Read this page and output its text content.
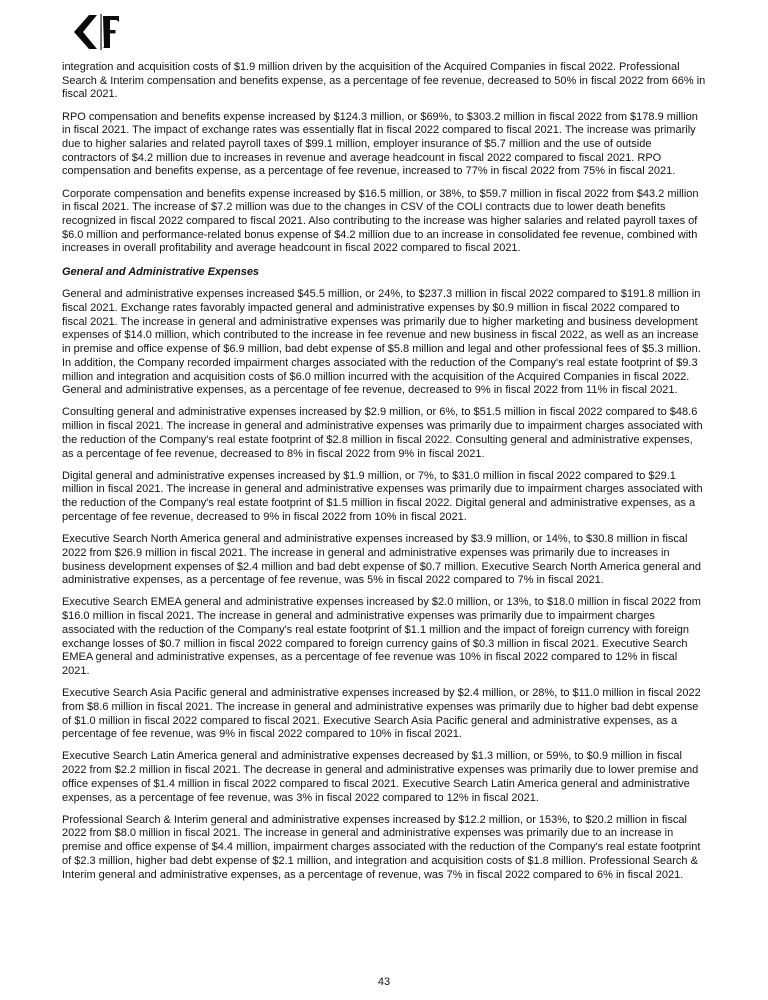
integration and acquisition costs of $1.9 million driven by the acquisition of the Acquired Companies in fiscal 2022. Professional Search & Interim compensation and benefits expense, as a percentage of fee revenue, decreased to 50% in fiscal 2022 from 66% in fiscal 2021.

RPO compensation and benefits expense increased by $124.3 million, or $69%, to $303.2 million in fiscal 2022 from $178.9 million in fiscal 2021. The impact of exchange rates was essentially flat in fiscal 2022 compared to fiscal 2021. The increase was primarily due to higher salaries and related payroll taxes of $99.1 million, employer insurance of $5.7 million and the use of outside contractors of $4.2 million due to increases in revenue and average headcount in fiscal 2022 compared to fiscal 2021. RPO compensation and benefits expense, as a percentage of fee revenue, increased to 77% in fiscal 2022 from 75% in fiscal 2021.

Corporate compensation and benefits expense increased by $16.5 million, or 38%, to $59.7 million in fiscal 2022 from $43.2 million in fiscal 2021. The increase of $7.2 million was due to the changes in CSV of the COLI contracts due to lower death benefits recognized in fiscal 2022 compared to fiscal 2021. Also contributing to the increase was higher salaries and related payroll taxes of $6.0 million and performance-related bonus expense of $4.2 million due to an increase in consolidated fee revenue, combined with increases in overall profitability and average headcount in fiscal 2022 compared to fiscal 2021.

General and Administrative Expenses

General and administrative expenses increased $45.5 million, or 24%, to $237.3 million in fiscal 2022 compared to $191.8 million in fiscal 2021. Exchange rates favorably impacted general and administrative expenses by $0.9 million in fiscal 2022 compared to fiscal 2021. The increase in general and administrative expenses was primarily due to higher marketing and business development expenses of $14.0 million, which contributed to the increase in fee revenue and new business in fiscal 2022, as well as an increase in premise and office expense of $6.9 million, bad debt expense of $5.8 million and legal and other professional fees of $5.3 million. In addition, the Company recorded impairment charges associated with the reduction of the Company's real estate footprint of $9.3 million and integration and acquisition costs of $6.0 million incurred with the acquisition of the Acquired Companies in fiscal 2022. General and administrative expenses, as a percentage of fee revenue, decreased to 9% in fiscal 2022 from 11% in fiscal 2021.

Consulting general and administrative expenses increased by $2.9 million, or 6%, to $51.5 million in fiscal 2022 compared to $48.6 million in fiscal 2021. The increase in general and administrative expenses was primarily due to impairment charges associated with the reduction of the Company's real estate footprint of $2.8 million in fiscal 2022. Consulting general and administrative expenses, as a percentage of fee revenue, decreased to 8% in fiscal 2022 from 9% in fiscal 2021.

Digital general and administrative expenses increased by $1.9 million, or 7%, to $31.0 million in fiscal 2022 compared to $29.1 million in fiscal 2021. The increase in general and administrative expenses was primarily due to impairment charges associated with the reduction of the Company's real estate footprint of $1.5 million in fiscal 2022. Digital general and administrative expenses, as a percentage of fee revenue, decreased to 9% in fiscal 2022 from 10% in fiscal 2021.

Executive Search North America general and administrative expenses increased by $3.9 million, or 14%, to $30.8 million in fiscal 2022 from $26.9 million in fiscal 2021. The increase in general and administrative expenses was primarily due to increases in business development expenses of $2.4 million and bad debt expense of $0.7 million. Executive Search North America general and administrative expenses, as a percentage of fee revenue, was 5% in fiscal 2022 compared to 7% in fiscal 2021.

Executive Search EMEA general and administrative expenses increased by $2.0 million, or 13%, to $18.0 million in fiscal 2022 from $16.0 million in fiscal 2021. The increase in general and administrative expenses was primarily due to impairment charges associated with the reduction of the Company's real estate footprint of $1.1 million and the impact of foreign currency with foreign exchange losses of $0.7 million in fiscal 2022 compared to foreign currency gains of $0.3 million in fiscal 2021. Executive Search EMEA general and administrative expenses, as a percentage of fee revenue was 10% in fiscal 2022 compared to 12% in fiscal 2021.

Executive Search Asia Pacific general and administrative expenses increased by $2.4 million, or 28%, to $11.0 million in fiscal 2022 from $8.6 million in fiscal 2021. The increase in general and administrative expenses was primarily due to higher bad debt expense of $1.0 million in fiscal 2022 compared to fiscal 2021. Executive Search Asia Pacific general and administrative expenses, as a percentage of fee revenue, was 9% in fiscal 2022 compared to 10% in fiscal 2021.

Executive Search Latin America general and administrative expenses decreased by $1.3 million, or 59%, to $0.9 million in fiscal 2022 from $2.2 million in fiscal 2021. The decrease in general and administrative expenses was primarily due to lower premise and office expenses of $1.4 million in fiscal 2022 compared to fiscal 2021. Executive Search Latin America general and administrative expenses, as a percentage of fee revenue, was 3% in fiscal 2022 compared to 12% in fiscal 2021.

Professional Search & Interim general and administrative expenses increased by $12.2 million, or 153%, to $20.2 million in fiscal 2022 from $8.0 million in fiscal 2021. The increase in general and administrative expenses was primarily due to an increase in premise and office expense of $4.4 million, impairment charges associated with the reduction of the Company's real estate footprint of $2.3 million, higher bad debt expense of $2.1 million, and integration and acquisition costs of $1.8 million. Professional Search & Interim general and administrative expenses, as a percentage of revenue, was 7% in fiscal 2022 compared to 6% in fiscal 2021.

43
